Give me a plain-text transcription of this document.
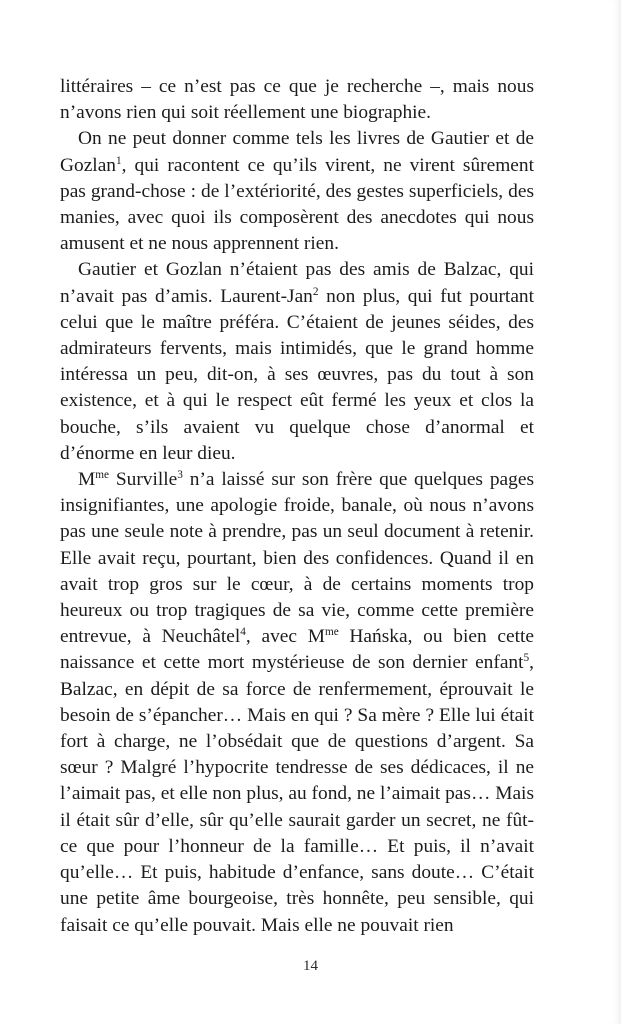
littéraires – ce n’est pas ce que je recherche –, mais nous n’avons rien qui soit réellement une biographie.

On ne peut donner comme tels les livres de Gautier et de Gozlan$^1$, qui racontent ce qu’ils virent, ne virent sûrement pas grand-chose : de l’extériorité, des gestes superficiels, des manies, avec quoi ils composèrent des anecdotes qui nous amusent et ne nous apprennent rien.

Gautier et Gozlan n’étaient pas des amis de Balzac, qui n’avait pas d’amis. Laurent-Jan$^2$ non plus, qui fut pourtant celui que le maître préféra. C’étaient de jeunes séides, des admirateurs fervents, mais intimidés, que le grand homme intéressa un peu, dit-on, à ses œuvres, pas du tout à son existence, et à qui le respect eût fermé les yeux et clos la bouche, s’ils avaient vu quelque chose d’anormal et d’énorme en leur dieu.

$M^{me}$ Surville$^3$ n’a laissé sur son frère que quelques pages insignifiantes, une apologie froide, banale, où nous n’avons pas une seule note à prendre, pas un seul document à retenir. Elle avait reçu, pourtant, bien des confidences. Quand il en avait trop gros sur le cœur, à de certains moments trop heureux ou trop tragiques de sa vie, comme cette première entrevue, à Neuchâtel$^4$, avec $M^{me}$ Hańska, ou bien cette naissance et cette mort mystérieuse de son dernier enfant$^5$, Balzac, en dépit de sa force de renfermement, éprouvait le besoin de s’épancher… Mais en qui ? Sa mère ? Elle lui était fort à charge, ne l’obsédait que de questions d’argent. Sa sœur ? Malgré l’hypocrite tendresse de ses dédicaces, il ne l’aimait pas, et elle non plus, au fond, ne l’aimait pas… Mais il était sûr d’elle, sûr qu’elle saurait garder un secret, ne fût-ce que pour l’honneur de la famille… Et puis, il n’avait qu’elle… Et puis, habitude d’enfance, sans doute… C’était une petite âme bourgeoise, très honnête, peu sensible, qui faisait ce qu’elle pouvait. Mais elle ne pouvait rien

14
